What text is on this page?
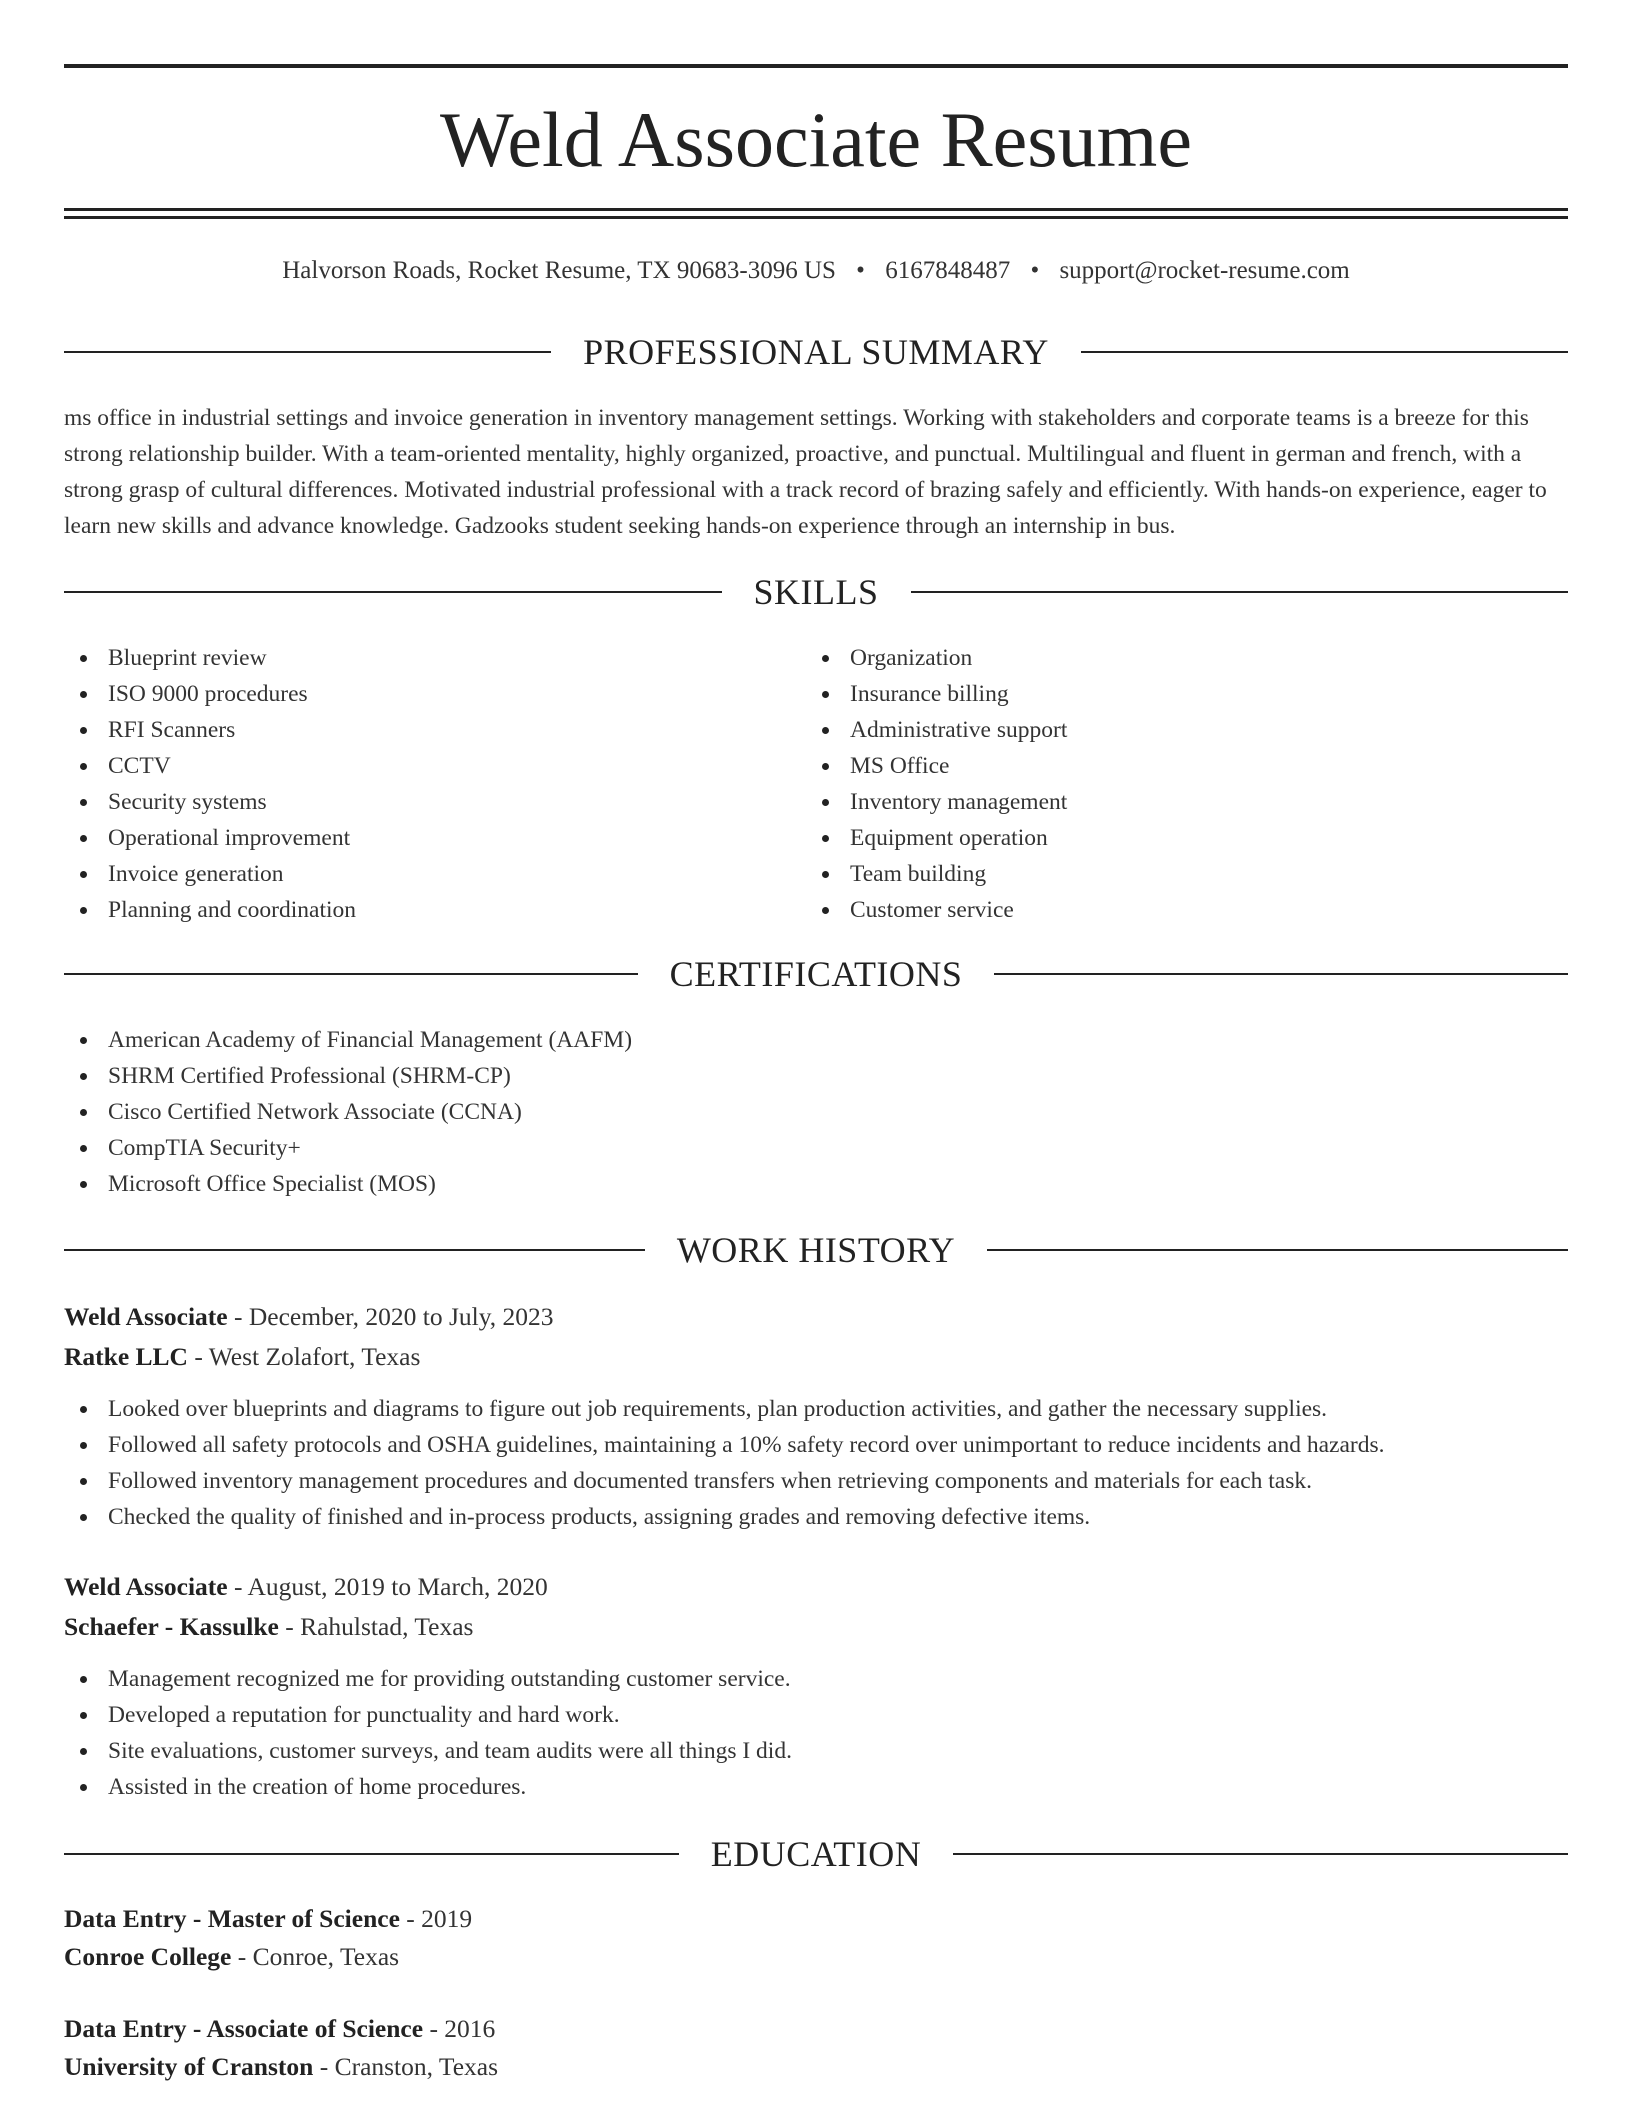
Weld Associate Resume
Halvorson Roads, Rocket Resume, TX 90683-3096 US • 6167848487 • support@rocket-resume.com
PROFESSIONAL SUMMARY
ms office in industrial settings and invoice generation in inventory management settings. Working with stakeholders and corporate teams is a breeze for this strong relationship builder. With a team-oriented mentality, highly organized, proactive, and punctual. Multilingual and fluent in german and french, with a strong grasp of cultural differences. Motivated industrial professional with a track record of brazing safely and efficiently. With hands-on experience, eager to learn new skills and advance knowledge. Gadzooks student seeking hands-on experience through an internship in bus.
SKILLS
Blueprint review
ISO 9000 procedures
RFI Scanners
CCTV
Security systems
Operational improvement
Invoice generation
Planning and coordination
Organization
Insurance billing
Administrative support
MS Office
Inventory management
Equipment operation
Team building
Customer service
CERTIFICATIONS
American Academy of Financial Management (AAFM)
SHRM Certified Professional (SHRM-CP)
Cisco Certified Network Associate (CCNA)
CompTIA Security+
Microsoft Office Specialist (MOS)
WORK HISTORY
Weld Associate - December, 2020 to July, 2023
Ratke LLC - West Zolafort, Texas
Looked over blueprints and diagrams to figure out job requirements, plan production activities, and gather the necessary supplies.
Followed all safety protocols and OSHA guidelines, maintaining a 10% safety record over unimportant to reduce incidents and hazards.
Followed inventory management procedures and documented transfers when retrieving components and materials for each task.
Checked the quality of finished and in-process products, assigning grades and removing defective items.
Weld Associate - August, 2019 to March, 2020
Schaefer - Kassulke - Rahulstad, Texas
Management recognized me for providing outstanding customer service.
Developed a reputation for punctuality and hard work.
Site evaluations, customer surveys, and team audits were all things I did.
Assisted in the creation of home procedures.
EDUCATION
Data Entry - Master of Science - 2019
Conroe College - Conroe, Texas
Data Entry - Associate of Science - 2016
University of Cranston - Cranston, Texas
